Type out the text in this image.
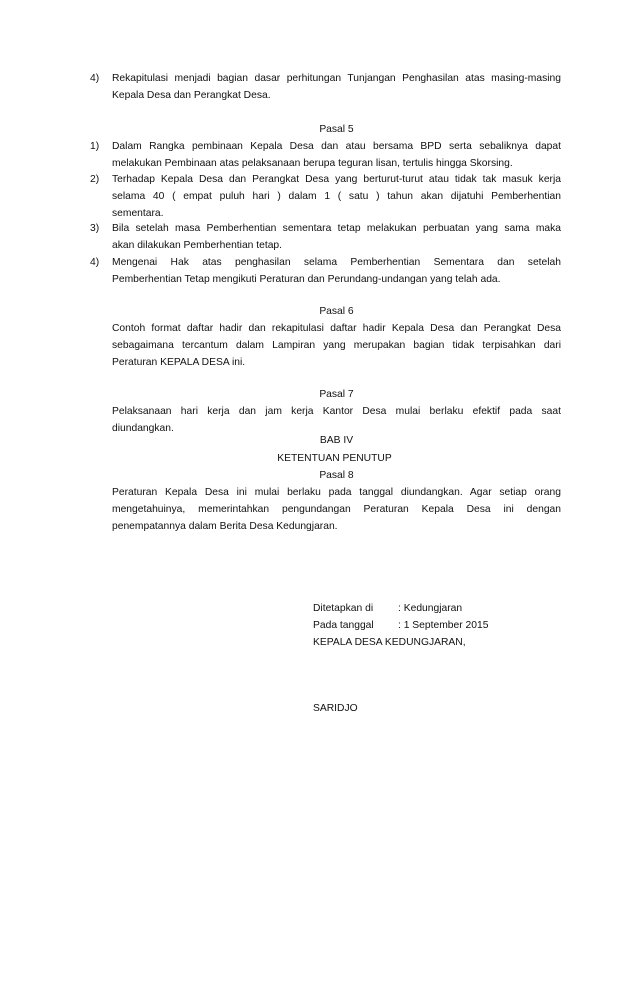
4) Rekapitulasi menjadi bagian dasar perhitungan Tunjangan Penghasilan atas masing-masing
Kepala Desa dan Perangkat Desa.
Pasal 5
1) Dalam Rangka pembinaan Kepala Desa dan atau bersama BPD serta sebaliknya dapat
melakukan Pembinaan atas pelaksanaan berupa teguran lisan, tertulis hingga Skorsing.
2) Terhadap Kepala Desa dan Perangkat Desa yang berturut-turut atau tidak tak masuk kerja
selama 40 ( empat puluh hari ) dalam 1 ( satu ) tahun akan dijatuhi Pemberhentian
sementara.
3) Bila setelah masa Pemberhentian sementara tetap melakukan perbuatan yang sama maka
akan dilakukan Pemberhentian tetap.
4) Mengenai Hak atas penghasilan selama Pemberhentian Sementara dan setelah
Pemberhentian Tetap mengikuti Peraturan dan Perundang-undangan yang telah ada.
Pasal 6
Contoh format daftar hadir dan rekapitulasi daftar hadir Kepala Desa dan Perangkat Desa
sebagaimana tercantum dalam Lampiran yang merupakan bagian tidak terpisahkan dari
Peraturan KEPALA DESA ini.
Pasal 7
Pelaksanaan hari kerja dan jam kerja Kantor Desa mulai berlaku efektif pada saat
diundangkan.
BAB IV
KETENTUAN PENUTUP
Pasal 8
Peraturan Kepala Desa ini mulai berlaku pada tanggal diundangkan. Agar setiap orang
mengetahuinya, memerintahkan pengundangan Peraturan Kepala Desa ini dengan
penempatannya dalam Berita Desa Kedungjaran.
Ditetapkan di : Kedungjaran
Pada tanggal : 1 September 2015
KEPALA DESA KEDUNGJARAN,
SARIDJO
